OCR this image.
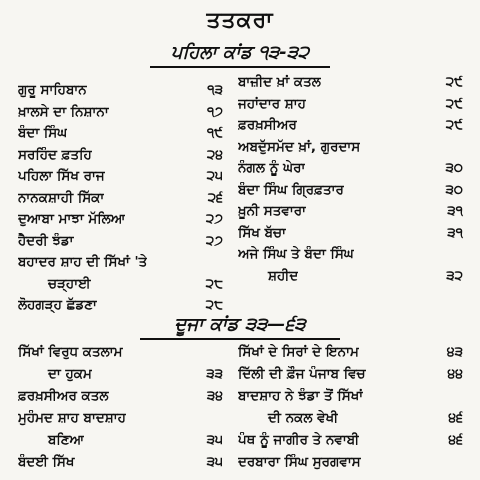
ਤਤਕਰਾ
ਪਹਿਲਾ ਕਾਂਡ ੧੩-੩੨
ਗੁਰੂ ਸਾਹਿਬਾਨ	੧੩
ਖ਼ਾਲਸੇ ਦਾ ਨਿਸ਼ਾਨਾ	੧੭
ਬੰਦਾ ਸਿੰਘ	੧੯
ਸਰਹਿੰਦ ਫ਼ਤਹਿ	੨੪
ਪਹਿਲਾ ਸਿੱਖ ਰਾਜ	੨੫
ਨਾਨਕਸ਼ਾਹੀ ਸਿੱਕਾ	੨੬
ਦੁਆਬਾ ਮਾਝਾ ਮੱਲਿਆ	੨੭
ਹੈਦਰੀ ਝੰਡਾ	੨੭
ਬਹਾਦਰ ਸ਼ਾਹ ਦੀ ਸਿੱਖਾਂ 'ਤੇ
ਚੜ੍ਹਾਈ	੨੮
ਲੋਹਗੜ੍ਹ ਛੱਡਣਾ	੨੮
ਬਾਜ਼ੀਦ ਖ਼ਾਂ ਕਤਲ	੨੯
ਜਹਾਂਦਾਰ ਸ਼ਾਹ	੨੯
ਫ਼ਰਖ਼ਸੀਅਰ	੨੯
ਅਬਦੁੱਸਮੱਦ ਖ਼ਾਂ, ਗੁਰਦਾਸ
ਨੰਗਲ ਨੂੰ ਘੇਰਾ	੩੦
ਬੰਦਾ ਸਿੰਘ ਗ੍ਰਿਫ਼ਤਾਰ	੩੦
ਖ਼ੂਨੀ ਸਤਵਾਰਾ	੩੧
ਸਿੱਖ ਬੱਚਾ	੩੧
ਅਜੇ ਸਿੰਘ ਤੇ ਬੰਦਾ ਸਿੰਘ
ਸ਼ਹੀਦ	੩੨
ਦੂਜਾ ਕਾਂਡ ੩੩—੬੩
ਸਿੱਖਾਂ ਵਿਰੁਧ ਕਤਲਾਮ
ਦਾ ਹੁਕਮ	੩੩
ਫ਼ਰਖ਼ਸੀਅਰ ਕਤਲ	੩੪
ਮੁਹੰਮਦ ਸ਼ਾਹ ਬਾਦਸ਼ਾਹ
ਬਣਿਆ	੩੫
ਬੰਦਈ ਸਿੱਖ	੩੫
ਸਿੱਖਾਂ ਦੇ ਸਿਰਾਂ ਦੇ ਇਨਾਮ	੪੩
ਦਿੱਲੀ ਦੀ ਫ਼ੌਜ ਪੰਜਾਬ ਵਿਚ	੪੪
ਬਾਦਸ਼ਾਹ ਨੇ ਝੰਡਾ ਤੋਂ ਸਿੱਖਾਂ
ਦੀ ਨਕਲ ਵੇਖੀ	੪੬
ਪੰਥ ਨੂੰ ਜਾਗੀਰ ਤੇ ਨਵਾਬੀ	੪੬
ਦਰਬਾਰਾ ਸਿੰਘ ਸੁਰਗਵਾਸ
